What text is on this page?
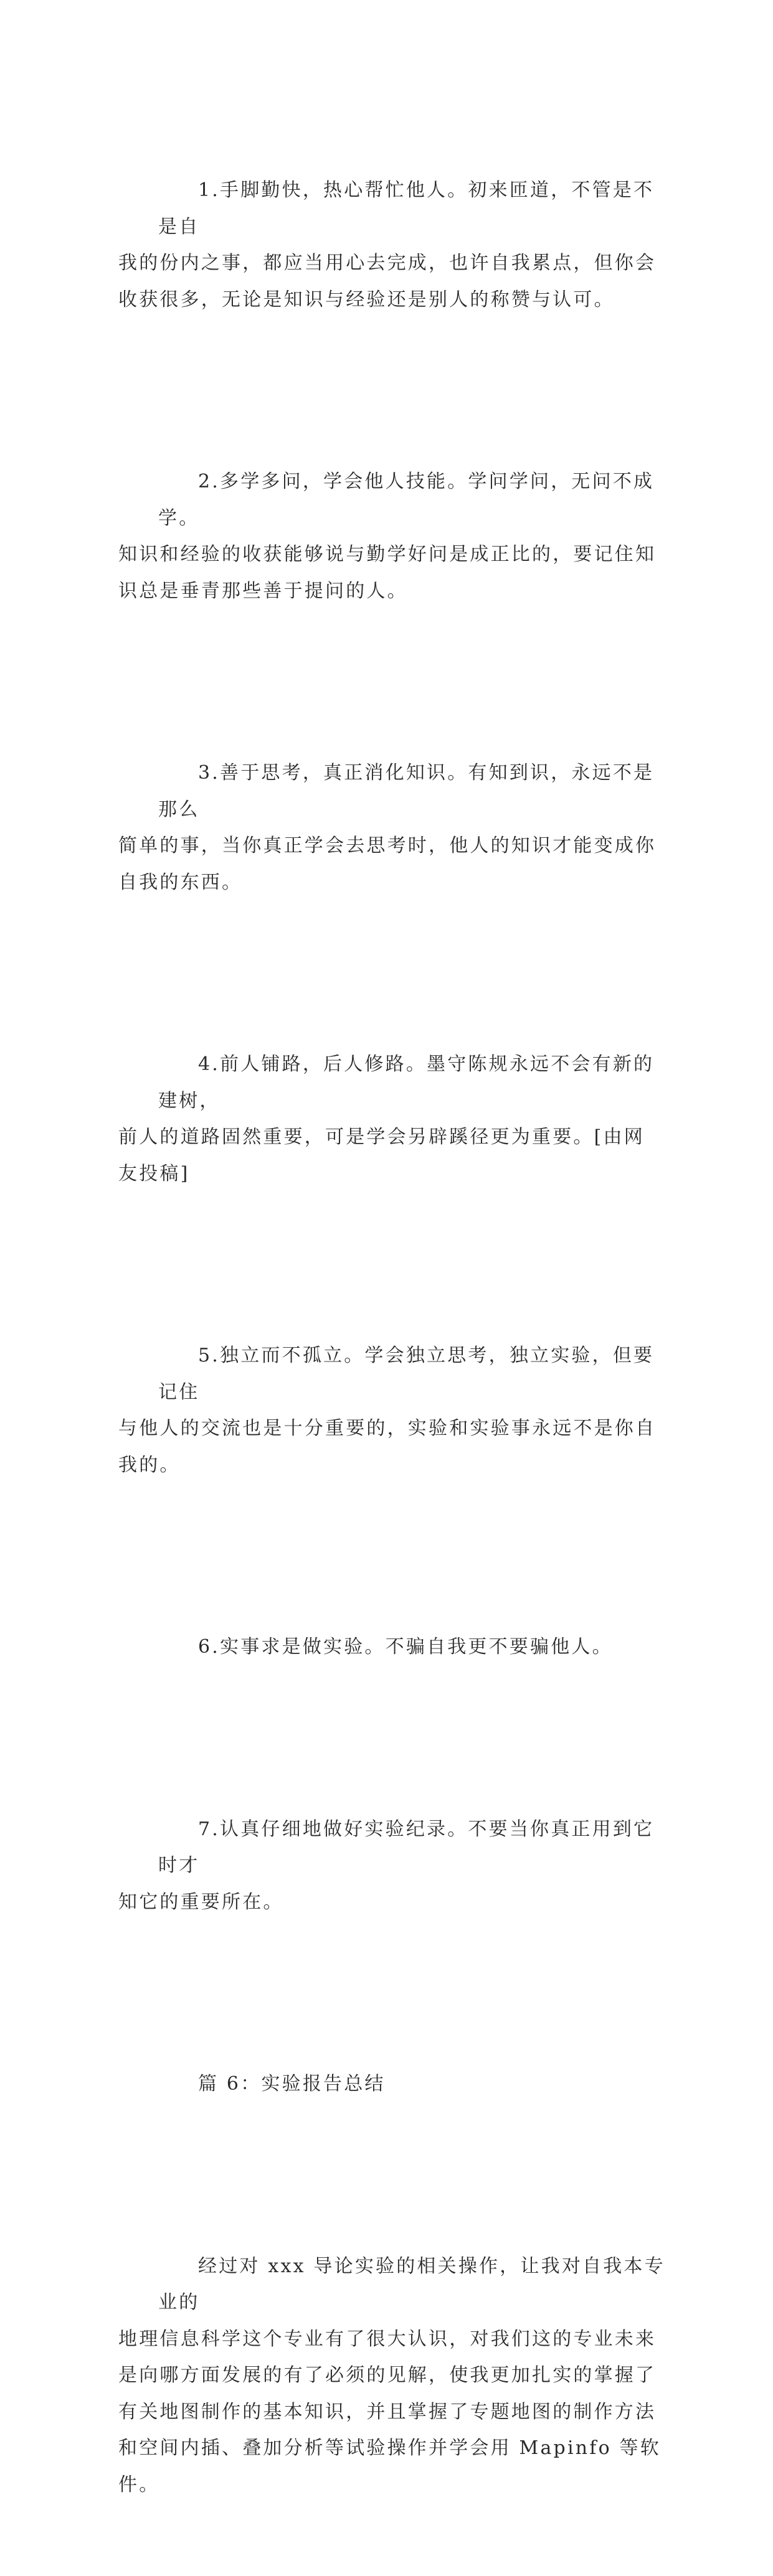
1.手脚勤快，热心帮忙他人。初来匝道，不管是不是自
我的份内之事，都应当用心去完成，也许自我累点，但你会
收获很多，无论是知识与经验还是别人的称赞与认可。

2.多学多问，学会他人技能。学问学问，无问不成学。
知识和经验的收获能够说与勤学好问是成正比的，要记住知
识总是垂青那些善于提问的人。

3.善于思考，真正消化知识。有知到识，永远不是那么
简单的事，当你真正学会去思考时，他人的知识才能变成你
自我的东西。

4.前人铺路，后人修路。墨守陈规永远不会有新的建树，
前人的道路固然重要，可是学会另辟蹊径更为重要。[由网
友投稿]

5.独立而不孤立。学会独立思考，独立实验，但要记住
与他人的交流也是十分重要的，实验和实验事永远不是你自
我的。

6.实事求是做实验。不骗自我更不要骗他人。

7.认真仔细地做好实验纪录。不要当你真正用到它时才
知它的重要所在。

篇 6：实验报告总结

经过对 xxx 导论实验的相关操作，让我对自我本专业的
地理信息科学这个专业有了很大认识，对我们这的专业未来
是向哪方面发展的有了必须的见解，使我更加扎实的掌握了
有关地图制作的基本知识，并且掌握了专题地图的制作方法
和空间内插、叠加分析等试验操作并学会用 Mapinfo 等软件。
